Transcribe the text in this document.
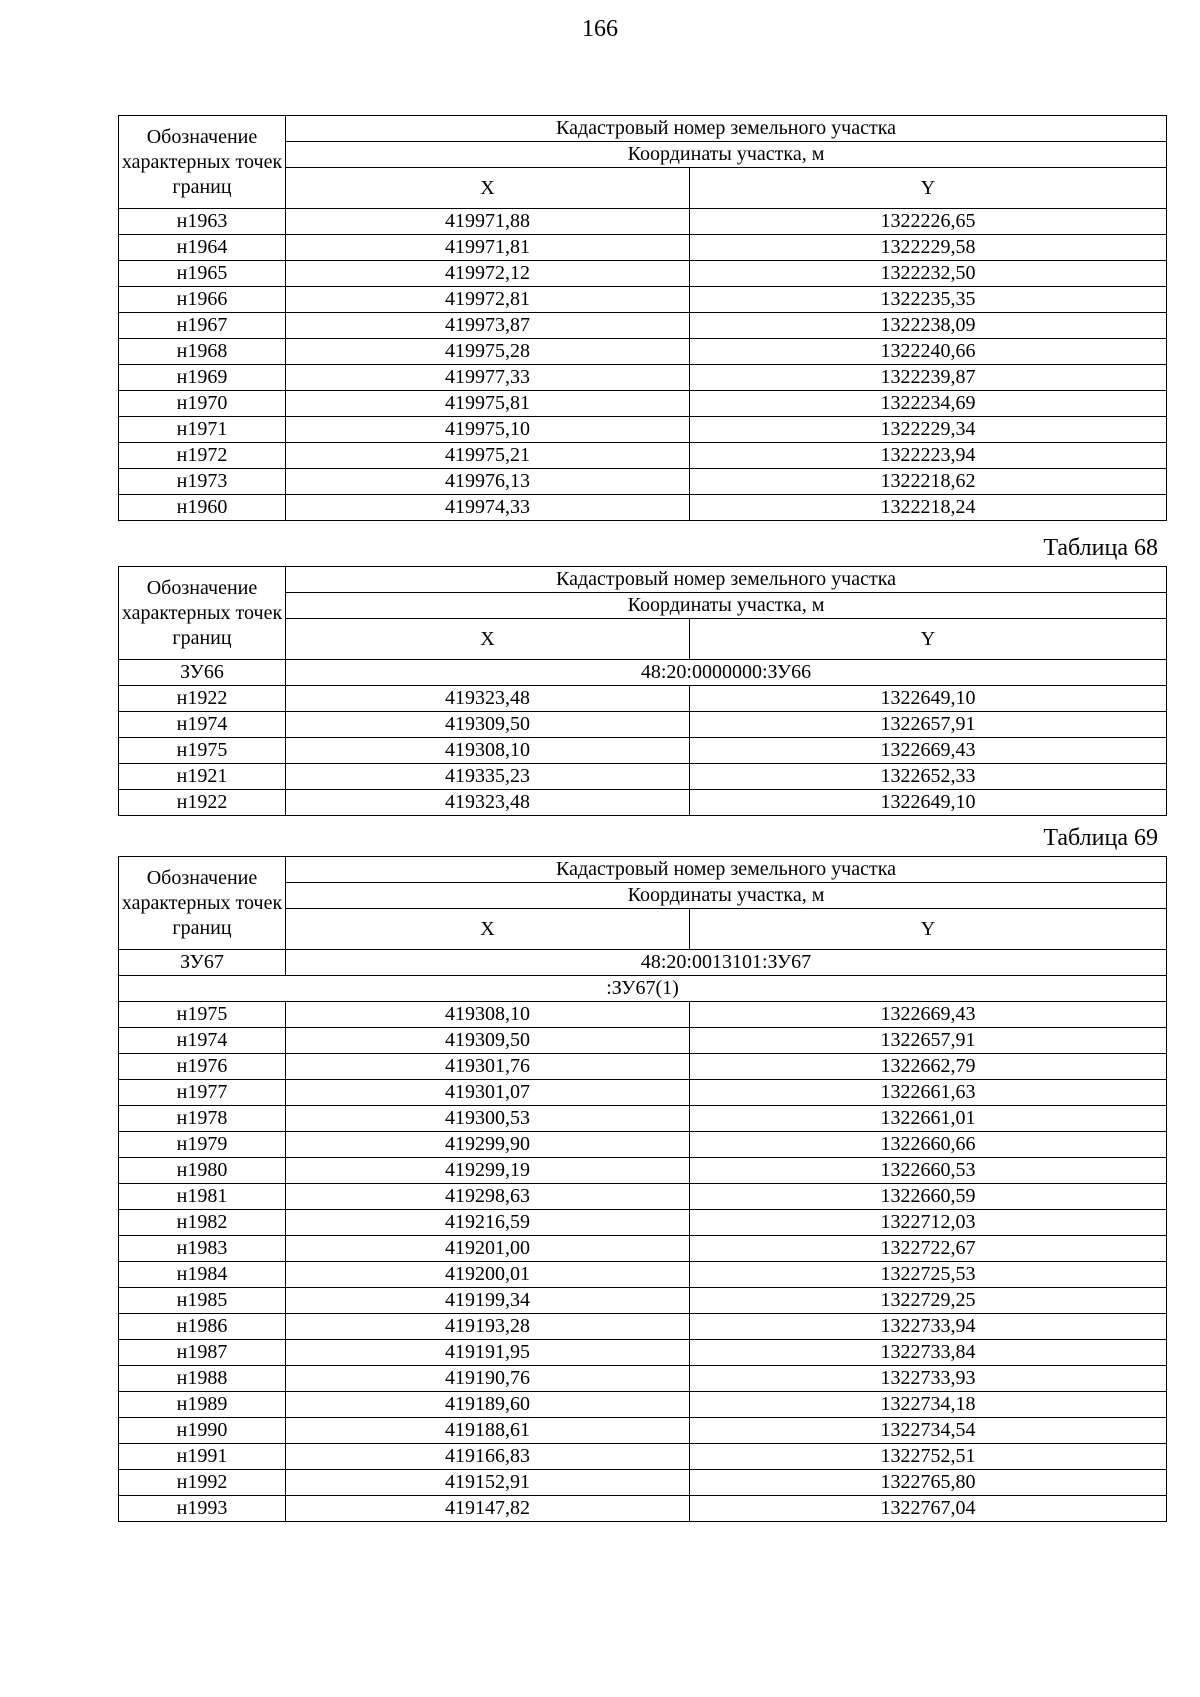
166
Обозначение характерных точек границ	Кадастровый номер земельного участка	
	Координаты участка, м	
	X	Y
н1963	419971,88	1322226,65
н1964	419971,81	1322229,58
н1965	419972,12	1322232,50
н1966	419972,81	1322235,35
н1967	419973,87	1322238,09
н1968	419975,28	1322240,66
н1969	419977,33	1322239,87
н1970	419975,81	1322234,69
н1971	419975,10	1322229,34
н1972	419975,21	1322223,94
н1973	419976,13	1322218,62
н1960	419974,33	1322218,24
Таблица 68
Обозначение характерных точек границ	Кадастровый номер земельного участка	
	Координаты участка, м	
	X	Y
ЗУ66	48:20:0000000:ЗУ66	
н1922	419323,48	1322649,10
н1974	419309,50	1322657,91
н1975	419308,10	1322669,43
н1921	419335,23	1322652,33
н1922	419323,48	1322649,10
Таблица 69
Обозначение характерных точек границ	Кадастровый номер земельного участка	
	Координаты участка, м	
	X	Y
ЗУ67	48:20:0013101:ЗУ67	
:ЗУ67(1)		
н1975	419308,10	1322669,43
н1974	419309,50	1322657,91
н1976	419301,76	1322662,79
н1977	419301,07	1322661,63
н1978	419300,53	1322661,01
н1979	419299,90	1322660,66
н1980	419299,19	1322660,53
н1981	419298,63	1322660,59
н1982	419216,59	1322712,03
н1983	419201,00	1322722,67
н1984	419200,01	1322725,53
н1985	419199,34	1322729,25
н1986	419193,28	1322733,94
н1987	419191,95	1322733,84
н1988	419190,76	1322733,93
н1989	419189,60	1322734,18
н1990	419188,61	1322734,54
н1991	419166,83	1322752,51
н1992	419152,91	1322765,80
н1993	419147,82	1322767,04
